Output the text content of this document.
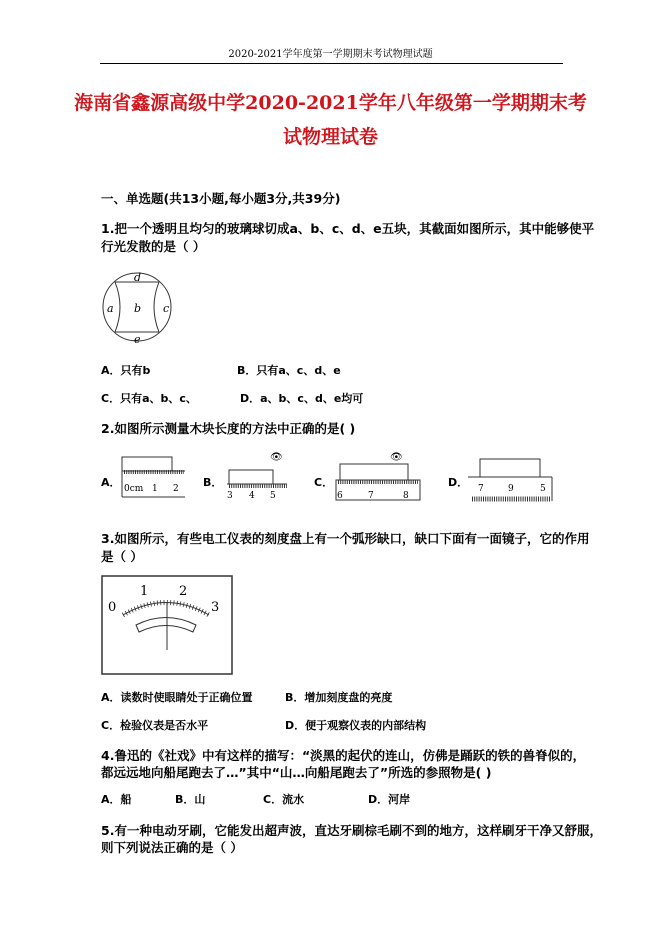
2020-2021学年度第一学期期末考试物理试题
海南省鑫源高级中学2020-2021学年八年级第一学期期末考
试物理试卷
一、单选题(共13小题,每小题3分,共39分)
1.把一个透明且均匀的玻璃球切成a、b、c、d、e五块，其截面如图所示，其中能够使平
行光发散的是（ ）
a b c
d
e
A．只有b	B．只有a、c、d、e
C．只有a、b、c、	D．a、b、c、d、e均可
2.如图所示测量木块长度的方法中正确的是( )
A．	B．	C．	D．
0cm 1 2
👁
3 4 5
👁
6	7	8
7	9	5
3.如图所示，有些电工仪表的刻度盘上有一个弧形缺口，缺口下面有一面镜子，它的作用
是（ ）
0
1 2
3
A．读数时使眼睛处于正确位置	B．增加刻度盘的亮度
C．检验仪表是否水平	D．便于观察仪表的内部结构
4.鲁迅的《社戏》中有这样的描写：“淡黑的起伏的连山，仿佛是踊跃的铁的兽脊似的，
都远远地向船尾跑去了…”其中“山…向船尾跑去了”所选的参照物是( )
A．船	B．山	C．流水	D．河岸
5.有一种电动牙刷，它能发出超声波，直达牙刷棕毛刷不到的地方，这样刷牙干净又舒服，
则下列说法正确的是（ ）
